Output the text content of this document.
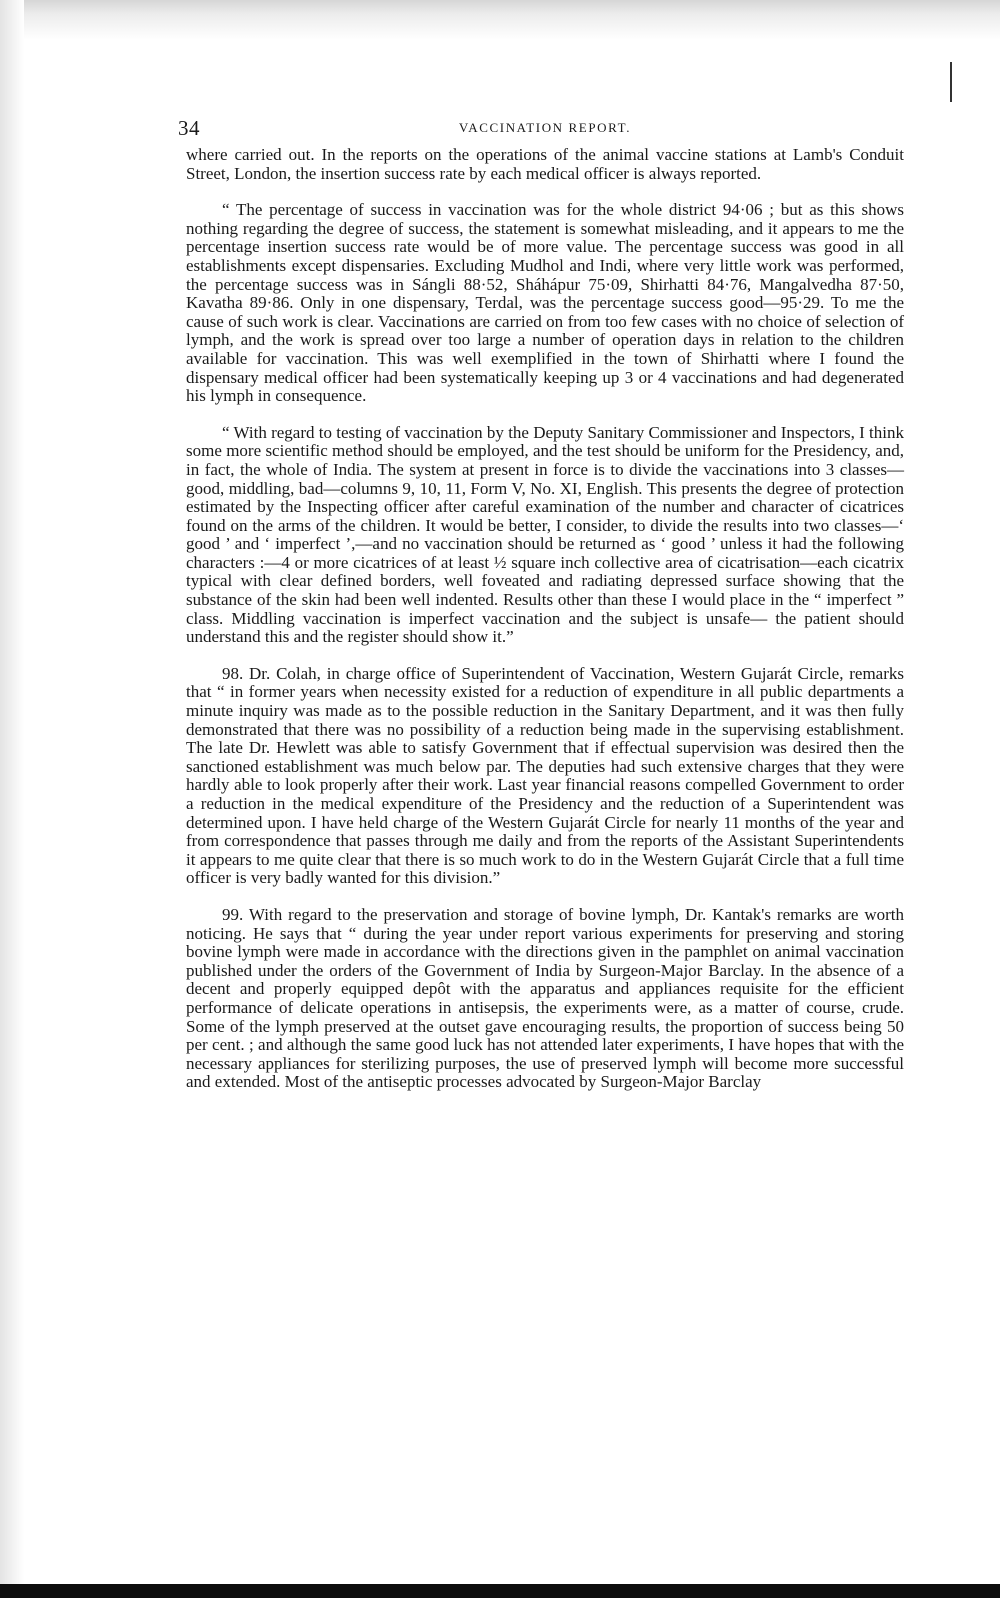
34	VACCINATION REPORT.

where carried out. In the reports on the operations of the animal vaccine stations at Lamb's Conduit Street, London, the insertion success rate by each medical officer is always reported.

“ The percentage of success in vaccination was for the whole district 94·06 ; but as this shows nothing regarding the degree of success, the statement is somewhat misleading, and it appears to me the percentage insertion success rate would be of more value. The percentage success was good in all establishments except dispensaries. Excluding Mudhol and Indi, where very little work was performed, the percentage success was in Sángli 88·52, Sháhápur 75·09, Shirhatti 84·76, Mangalvedha 87·50, Kavatha 89·86. Only in one dispensary, Terdal, was the percentage success good—95·29. To me the cause of such work is clear. Vaccinations are carried on from too few cases with no choice of selection of lymph, and the work is spread over too large a number of operation days in relation to the children available for vaccination. This was well exemplified in the town of Shirhatti where I found the dispensary medical officer had been systematically keeping up 3 or 4 vaccinations and had degenerated his lymph in consequence.

“ With regard to testing of vaccination by the Deputy Sanitary Commissioner and Inspectors, I think some more scientific method should be employed, and the test should be uniform for the Presidency, and, in fact, the whole of India. The system at present in force is to divide the vaccinations into 3 classes—good, middling, bad—columns 9, 10, 11, Form V, No. XI, English. This presents the degree of protection estimated by the Inspecting officer after careful examination of the number and character of cicatrices found on the arms of the children. It would be better, I consider, to divide the results into two classes—‘ good ’ and ‘ imperfect ’,—and no vaccination should be returned as ‘ good ’ unless it had the following characters :—4 or more cicatrices of at least ½ square inch collective area of cicatrisation—each cicatrix typical with clear defined borders, well foveated and radiating depressed surface showing that the substance of the skin had been well indented. Results other than these I would place in the “ imperfect ” class. Middling vaccination is imperfect vaccination and the subject is unsafe— the patient should understand this and the register should show it.”

98. Dr. Colah, in charge office of Superintendent of Vaccination, Western Gujarát Circle, remarks that “ in former years when necessity existed for a reduction of expenditure in all public departments a minute inquiry was made as to the possible reduction in the Sanitary Department, and it was then fully demonstrated that there was no possibility of a reduction being made in the supervising establishment. The late Dr. Hewlett was able to satisfy Government that if effectual supervision was desired then the sanctioned establishment was much below par. The deputies had such extensive charges that they were hardly able to look properly after their work. Last year financial reasons compelled Government to order a reduction in the medical expenditure of the Presidency and the reduction of a Superintendent was determined upon. I have held charge of the Western Gujarát Circle for nearly 11 months of the year and from correspondence that passes through me daily and from the reports of the Assistant Superintendents it appears to me quite clear that there is so much work to do in the Western Gujarát Circle that a full time officer is very badly wanted for this division.”

99. With regard to the preservation and storage of bovine lymph, Dr. Kantak's remarks are worth noticing. He says that “ during the year under report various experiments for preserving and storing bovine lymph were made in accordance with the directions given in the pamphlet on animal vaccination published under the orders of the Government of India by Surgeon-Major Barclay. In the absence of a decent and properly equipped depôt with the apparatus and appliances requisite for the efficient performance of delicate operations in antisepsis, the experiments were, as a matter of course, crude. Some of the lymph preserved at the outset gave encouraging results, the proportion of success being 50 per cent. ; and although the same good luck has not attended later experiments, I have hopes that with the necessary appliances for sterilizing purposes, the use of preserved lymph will become more successful and extended. Most of the antiseptic processes advocated by Surgeon-Major Barclay
